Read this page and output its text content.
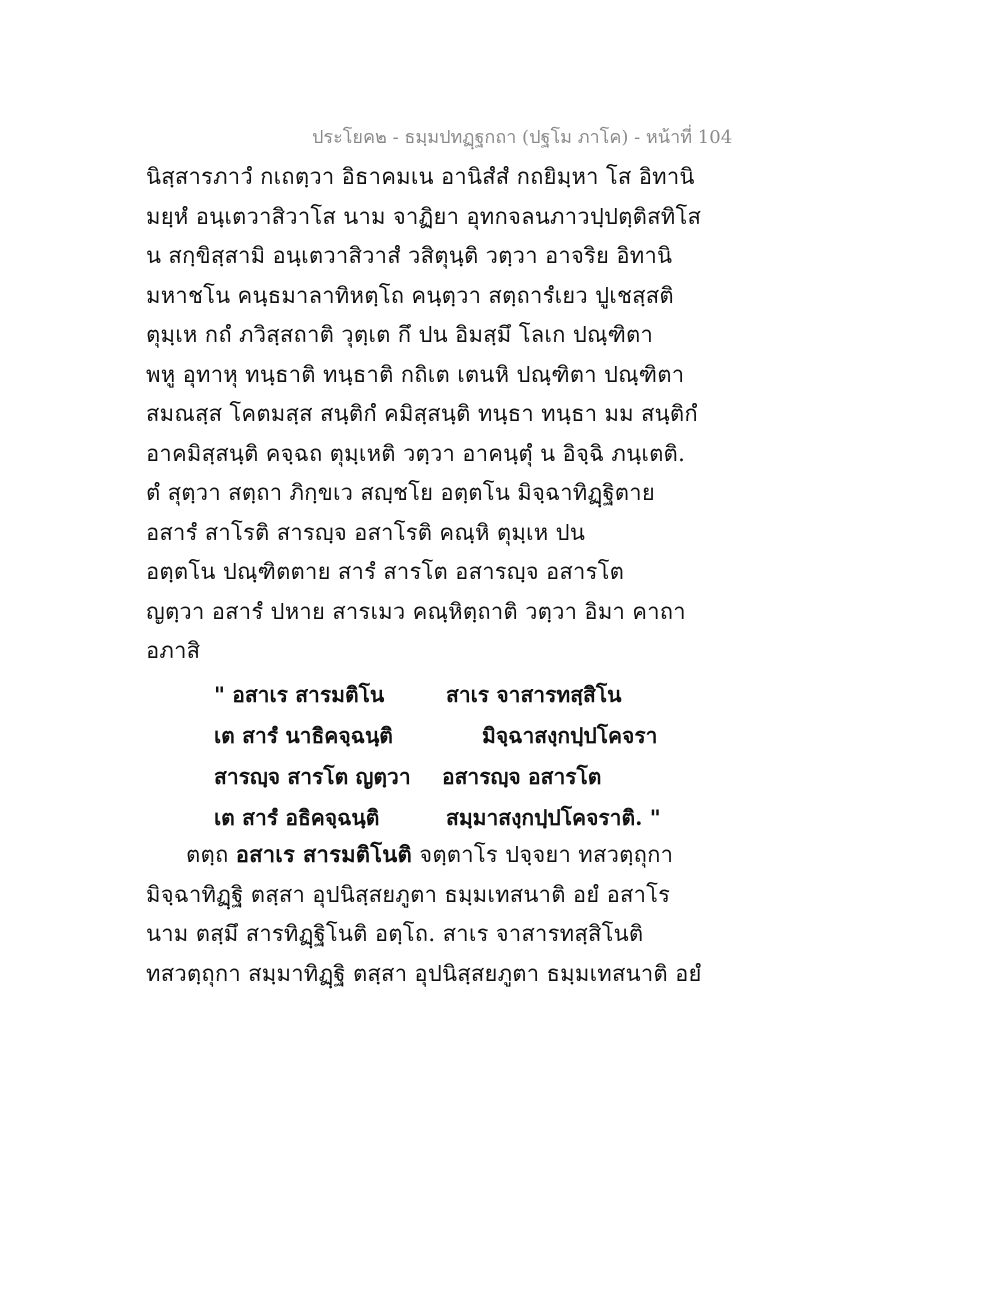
ประโยค๒ - ธมฺมปทฏฺฐกถา (ปฐโม ภาโค) - หน้าที่ 104
นิสฺสารภาวํ กเถตฺวา อิธาคมเน อานิสํสํ กถยิมฺหา โส อิทานิ
มยฺหํ อนฺเตวาสิวาโส นาม จาฏิยา อุทกจลนภาวปฺปตฺติสทิโส
น สกฺขิสฺสามิ อนฺเตวาสิวาสํ วสิตุนฺติ วตฺวา อาจริย อิทานิ
มหาชโน คนฺธมาลาทิหตฺโถ คนฺตฺวา สตฺถารํเยว ปูเชสฺสติ
ตุมฺเห กถํ ภวิสฺสถาติ วุตฺเต กึ ปน อิมสฺมึ โลเก ปณฺฑิตา
พหู อุทาหุ ทนฺธาติ ทนฺธาติ กถิเต เตนหิ ปณฺฑิตา ปณฺฑิตา
สมณสฺส โคตมสฺส สนฺติกํ คมิสฺสนฺติ ทนฺธา ทนฺธา มม สนฺติกํ
อาคมิสฺสนฺติ คจฺฉถ ตุมฺเหติ วตฺวา อาคนฺตุํ น อิจฺฉิ ภนฺเตติ.
ตํ สุตฺวา สตฺถา ภิกฺขเว สญฺชโย อตฺตโน มิจฺฉาทิฏฺฐิตาย
อสารํ สาโรติ สารญฺจ อสาโรติ คณฺหิ ตุมฺเห ปน
อตฺตโน ปณฺฑิตตาย สารํ สารโต อสารญฺจ อสารโต
ญตฺวา อสารํ ปหาย สารเมว คณฺหิตฺถาติ วตฺวา อิมา คาถา
อภาสิ
" อสาเร สารมติโน	สาเร จาสารทสฺสิโน
เต สารํ นาธิคจฺฉนฺติ	มิจฺฉาสงฺกปฺปโคจรา
สารญฺจ สารโต ญตฺวา อสารญฺจ อสารโต
เต สารํ อธิคจฺฉนฺติ	สมฺมาสงฺกปฺปโคจราติ. "
ตตฺถ อสาเร สารมติโนติ จตฺตาโร ปจฺจยา ทสวตฺถุกา
มิจฺฉาทิฏฺฐิ ตสฺสา อุปนิสฺสยภูตา ธมฺมเทสนาติ อยํ อสาโร
นาม ตสฺมึ สารทิฏฺฐิโนติ อตฺโถ. สาเร จาสารทสฺสิโนติ
ทสวตฺถุกา สมฺมาทิฏฺฐิ ตสฺสา อุปนิสฺสยภูตา ธมฺมเทสนาติ อยํ
